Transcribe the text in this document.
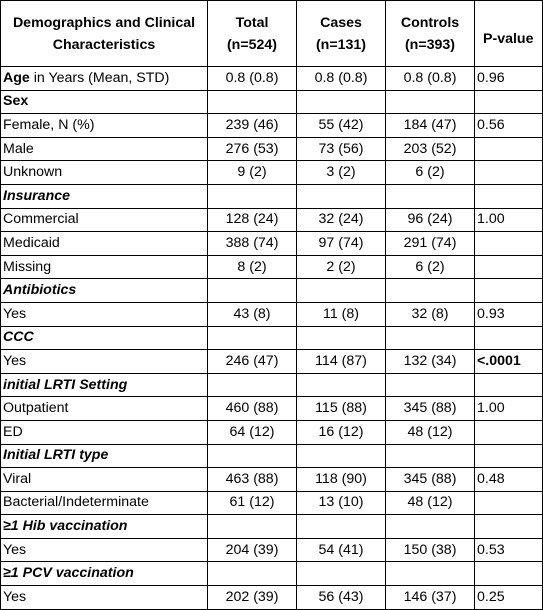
Demographics and Clinical Characteristics	Total (n=524)	Cases (n=131)	Controls (n=393)	P-value
Age in Years (Mean, STD)	0.8 (0.8)	0.8 (0.8)	0.8 (0.8)	0.96
Sex				
Female, N (%)	239 (46)	55 (42)	184 (47)	0.56
Male	276 (53)	73 (56)	203 (52)	
Unknown	9 (2)	3 (2)	6 (2)	
Insurance				
Commercial	128 (24)	32 (24)	96 (24)	1.00
Medicaid	388 (74)	97 (74)	291 (74)	
Missing	8 (2)	2 (2)	6 (2)	
Antibiotics				
Yes	43 (8)	11 (8)	32 (8)	0.93
CCC				
Yes	246 (47)	114 (87)	132 (34)	<.0001
initial LRTI Setting				
Outpatient	460 (88)	115 (88)	345 (88)	1.00
ED	64 (12)	16 (12)	48 (12)	
Initial LRTI type				
Viral	463 (88)	118 (90)	345 (88)	0.48
Bacterial/Indeterminate	61 (12)	13 (10)	48 (12)	
≥1 Hib vaccination				
Yes	204 (39)	54 (41)	150 (38)	0.53
≥1 PCV vaccination				
Yes	202 (39)	56 (43)	146 (37)	0.25
